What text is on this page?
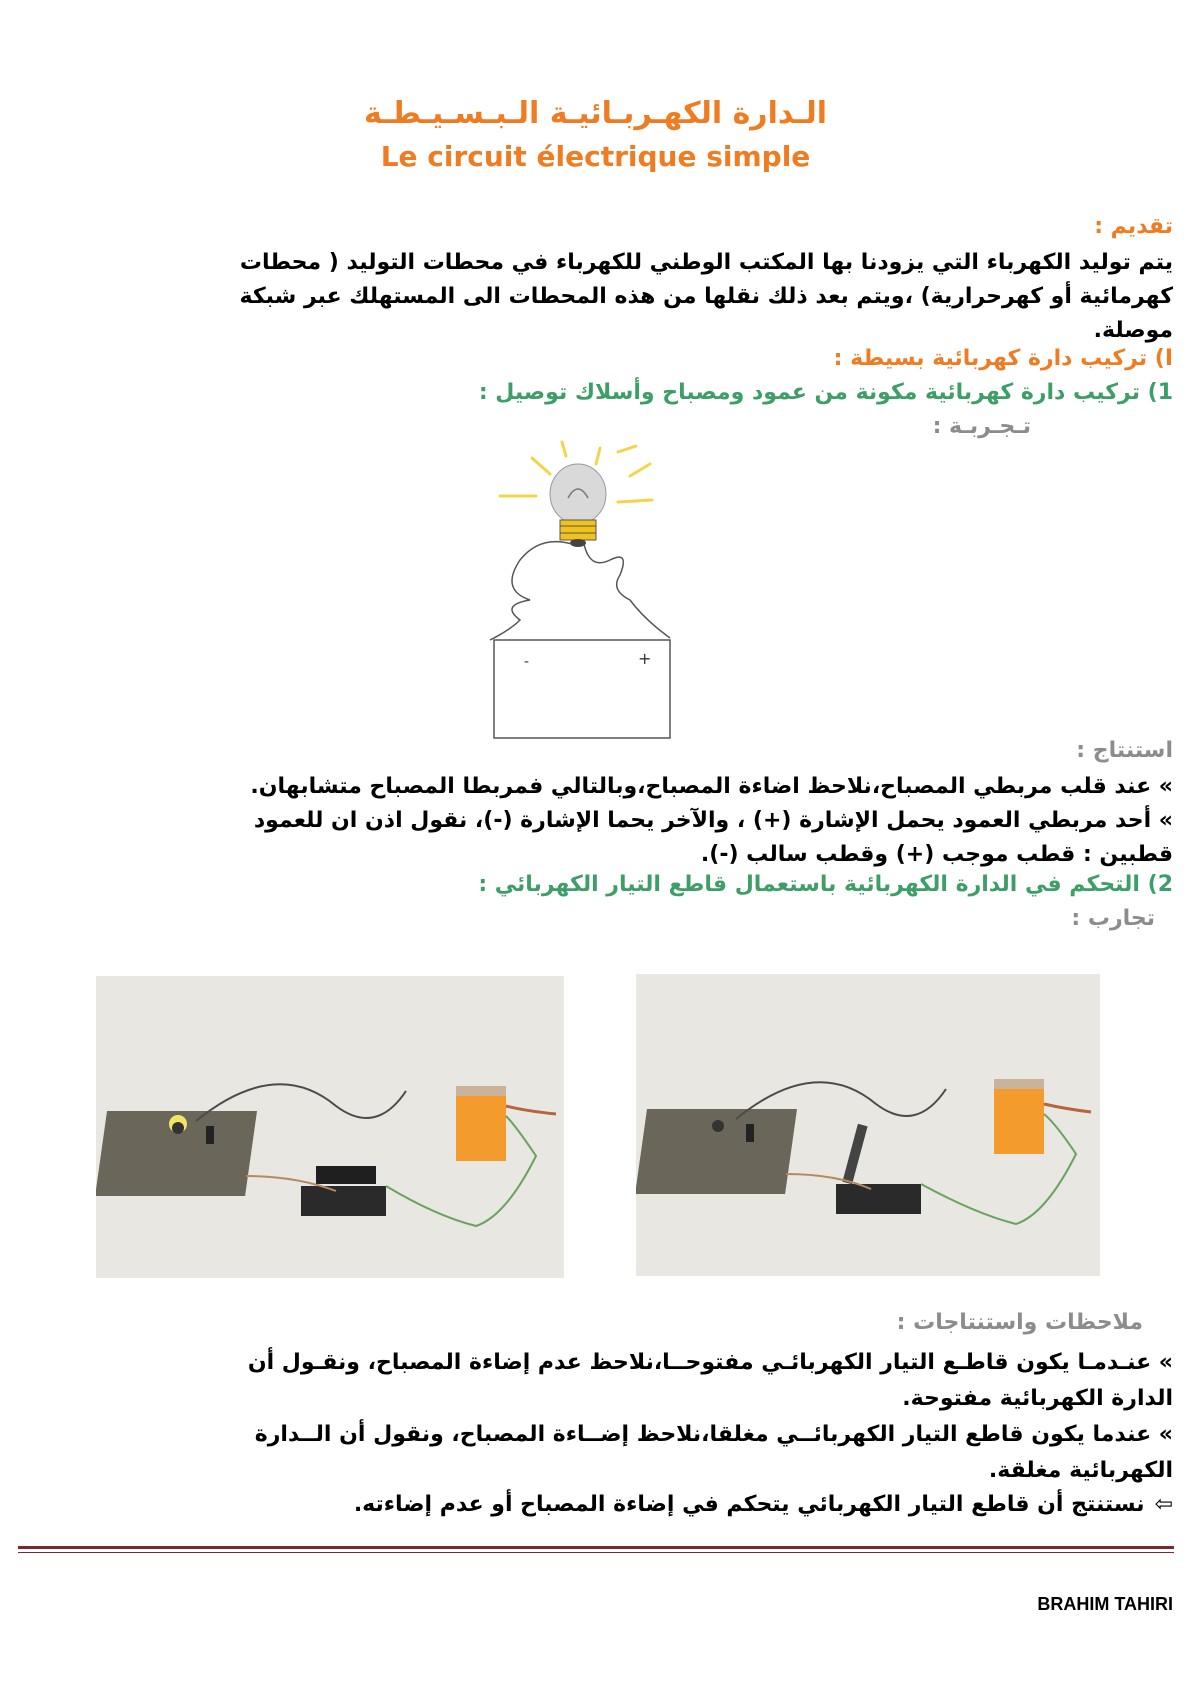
الـدارة الكهـربـائيـة الـبـسـيـطـة
Le circuit électrique simple
تقديم :
يتم توليد الكهرباء التي يزودنا بها المكتب الوطني للكهرباء في محطات التوليد ( محطات
كهرمائية أو كهرحرارية) ،ويتم بعد ذلك نقلها من هذه المحطات الى المستهلك عبر شبكة
موصلة.
I) تركيب دارة كهربائية بسيطة :
1) تركيب دارة كهربائية مكونة من عمود ومصباح وأسلاك توصيل :
تـجـربـة :
-	+
استنتاج :
» عند قلب مربطي المصباح،نلاحظ اضاءة المصباح،وبالتالي فمربطا المصباح متشابهان.
» أحد مربطي العمود يحمل الإشارة (+) ، والآخر يحما الإشارة (-)، نقول اذن ان للعمود
قطبين : قطب موجب (+) وقطب سالب (-).
2) التحكم في الدارة الكهربائية باستعمال قاطع التيار الكهربائي :
تجارب :
ملاحظات واستنتاجات :
» عنـدمـا يكون قاطـع التيار الكهربائـي مفتوحــا،نلاحظ عدم إضاءة المصباح، ونقـول أن
الدارة الكهربائية مفتوحة.
» عندما يكون قاطع التيار الكهربائــي مغلقا،نلاحظ إضــاءة المصباح، ونقول أن الــدارة
الكهربائية مغلقة.
⇦
نستنتج أن قاطع التيار الكهربائي يتحكم في إضاءة المصباح أو عدم إضاءته.
BRAHIM TAHIRI
